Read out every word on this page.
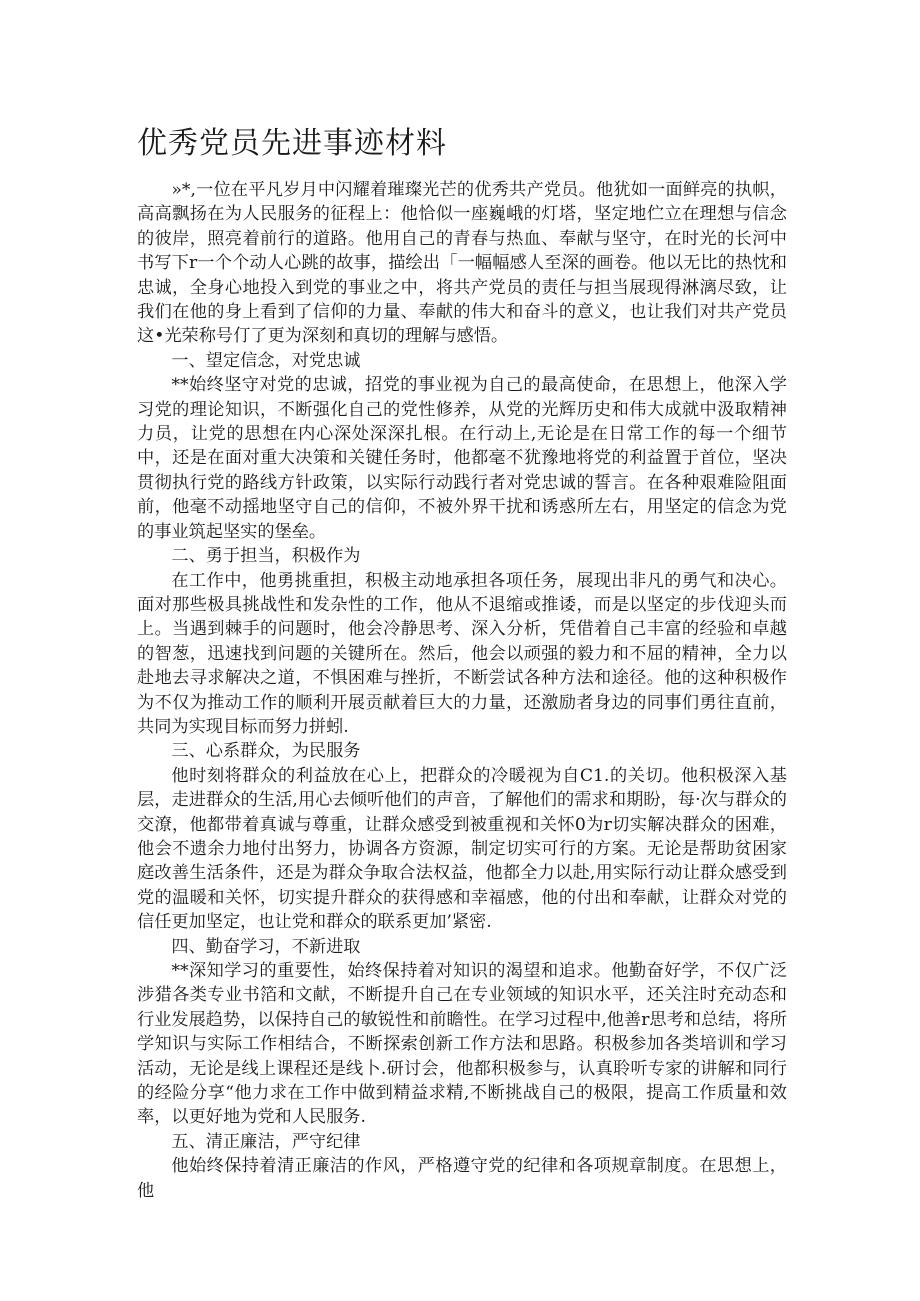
优秀党员先进事迹材料

»*,一位在平凡岁月中闪耀着璀璨光芒的优秀共产党员。他犹如一面鲜亮的执帜，高高飘扬在为人民服务的征程上：他恰似一座巍峨的灯塔，坚定地伫立在理想与信念的彼岸，照亮着前行的道路。他用自己的青春与热血、奉献与坚守，在时光的长河中书写下r一个个动人心跳的故事，描绘出「一幅幅感人至深的画卷。他以无比的热忱和忠诚，全身心地投入到党的事业之中，将共产党员的责任与担当展现得淋漓尽致，让我们在他的身上看到了信仰的力量、奉献的伟大和奋斗的意义，也让我们对共产党员这•光荣称号仃了更为深刻和真切的理解与感悟。

一、望定信念，对党忠诚

**始终坚守对党的忠诚，招党的事业视为自己的最高使命，在思想上，他深入学习党的理论知识，不断强化自己的党性修养，从党的光辉历史和伟大成就中汲取精神力员，让党的思想在内心深处深深扎根。在行动上,无论是在日常工作的每一个细节中，还是在面对重大决策和关键任务时，他都毫不犹豫地将党的利益置于首位，坚决贯彻执行党的路线方针政策，以实际行动践行者对党忠诚的誓言。在各种艰难险阻面前，他毫不动摇地坚守自己的信仰，不被外界干扰和诱惑所左右，用坚定的信念为党的事业筑起坚实的堡垒。

二、勇于担当，积极作为

在工作中，他勇挑重担，积极主动地承担各项任务，展现出非凡的勇气和决心。面对那些极具挑战性和发杂性的工作，他从不退缩或推诿，而是以坚定的步伐迎头而上。当遇到棘手的问题时，他会冷静思考、深入分析，凭借着自己丰富的经验和卓越的智葱，迅速找到问题的关键所在。然后，他会以顽强的毅力和不屈的精神，全力以赴地去寻求解决之道，不惧困难与挫折，不断尝试各种方法和途径。他的这种积极作为不仅为推动工作的顺利开展贡献着巨大的力量，还激励者身边的同事们勇往直前，共同为实现目标而努力拼蚓.

三、心系群众，为民服务

他时刻将群众的利益放在心上，把群众的冷暖视为自C1.的关切。他积极深入基层，走进群众的生活,用心去倾听他们的声音，了解他们的需求和期盼，每·次与群众的交潦，他都带着真诚与尊重，让群众感受到被重视和关怀0为r切实解决群众的困难，他会不遗余力地付出努力，协调各方资源，制定切实可行的方案。无论是帮助贫困家庭改善生活条件，还是为群众争取合法权益，他都全力以赴,用实际行动让群众感受到党的温暖和关怀，切实提升群众的获得感和幸福感，他的付出和奉献，让群众对党的信任更加坚定，也让党和群众的联系更加’紧密.

四、勤奋学习，不新进取

**深知学习的重要性，始终保持着对知识的渴望和追求。他勤奋好学，不仅广泛涉猎各类专业书箔和文献，不断提升自己在专业领域的知识水平，还关注时充动态和行业发展趋势，以保持自己的敏锐性和前瞻性。在学习过程中,他善r思考和总结，将所学知识与实际工作相结合，不断探索创新工作方法和思路。积极参加各类培训和学习活动，无论是线上课程还是线卜.研讨会，他都积极参与，认真聆听专家的讲解和同行的经险分享“他力求在工作中做到精益求精,不断挑战自己的极限，提高工作质量和效率，以更好地为党和人民服务.

五、清正廉洁，严守纪律

他始终保持着清正廉洁的作风，严格遵守党的纪律和各项规章制度。在思想上，他
